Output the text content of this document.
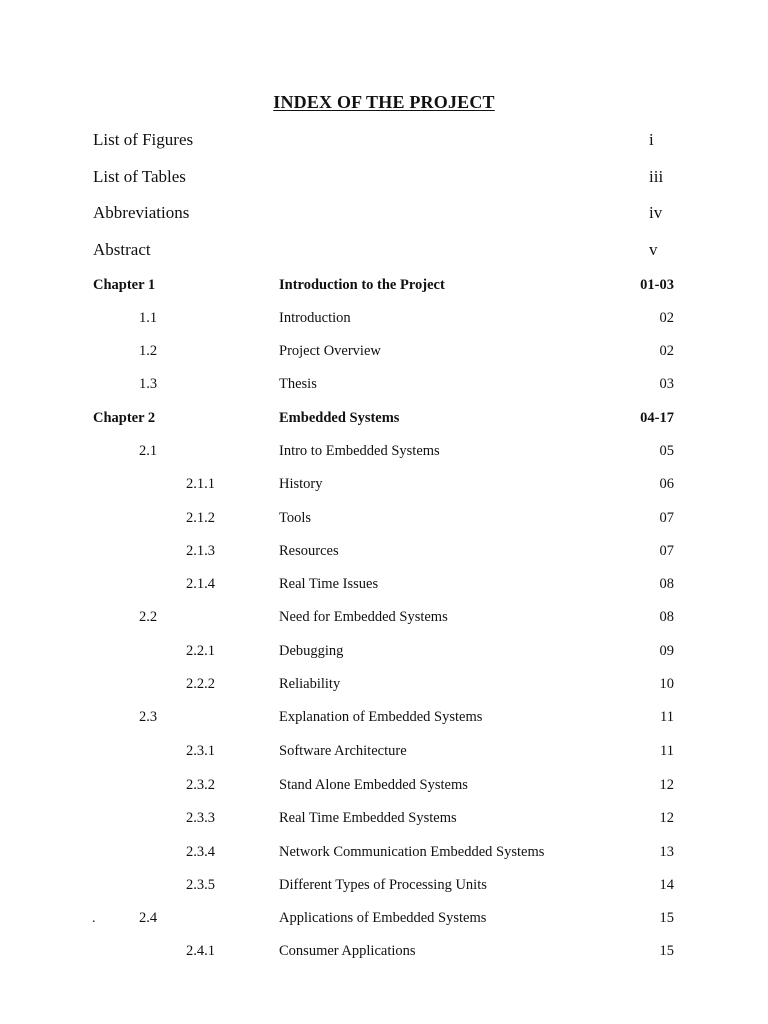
INDEX OF THE PROJECT
List of Figures	i
List of Tables	iii
Abbreviations	iv
Abstract	v
Chapter 1	Introduction to the Project	01-03
1.1	Introduction	02
1.2	Project Overview	02
1.3	Thesis	03
Chapter 2	Embedded Systems	04-17
2.1	Intro to Embedded Systems	05
2.1.1	History	06
2.1.2	Tools	07
2.1.3	Resources	07
2.1.4	Real Time Issues	08
2.2	Need for Embedded Systems	08
2.2.1	Debugging	09
2.2.2	Reliability	10
2.3	Explanation of Embedded Systems	11
2.3.1	Software Architecture	11
2.3.2	Stand Alone Embedded Systems	12
2.3.3	Real Time Embedded Systems	12
2.3.4	Network Communication Embedded Systems	13
2.3.5	Different Types of Processing Units	14
.	2.4	Applications of Embedded Systems	15
2.4.1	Consumer Applications	15
